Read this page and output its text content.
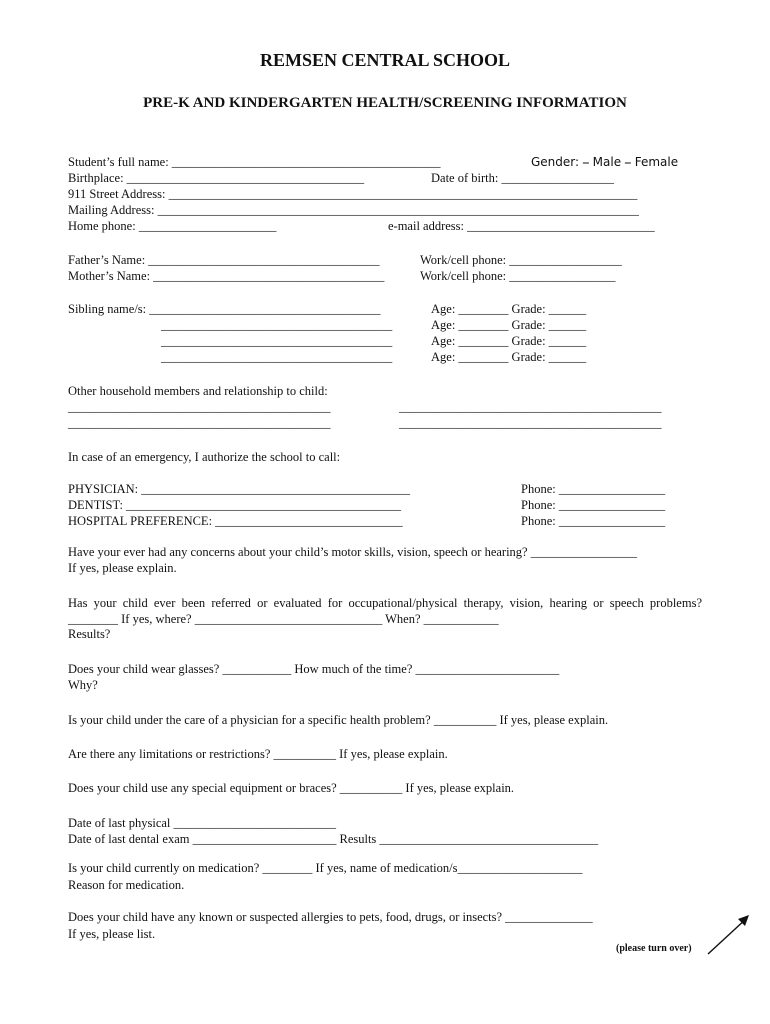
REMSEN CENTRAL SCHOOL
PRE-K AND KINDERGARTEN HEALTH/SCREENING INFORMATION
Student’s full name: ___________________________________________	Gender: ⎯ Male ⎯ Female
Birthplace: ______________________________________	Date of birth: __________________
911 Street Address: ___________________________________________________________________________
Mailing Address: _____________________________________________________________________________
Home phone: ______________________	e-mail address: ______________________________
Father’s Name: _____________________________________	Work/cell phone: __________________
Mother’s Name: _____________________________________	Work/cell phone: _________________
Sibling name/s: _____________________________________	Age: ________ Grade: ______
_____________________________________	Age: ________ Grade: ______
_____________________________________	Age: ________ Grade: ______
_____________________________________	Age: ________ Grade: ______
Other household members and relationship to child:
__________________________________________	__________________________________________
__________________________________________	__________________________________________
In case of an emergency, I authorize the school to call:
PHYSICIAN: ___________________________________________	Phone: _________________
DENTIST: ____________________________________________	Phone: _________________
HOSPITAL PREFERENCE: ______________________________	Phone: _________________
Have your ever had any concerns about your child’s motor skills, vision, speech or hearing? _________________
If yes, please explain.
Has your child ever been referred or evaluated for occupational/physical therapy, vision, hearing or speech problems? ________ If yes, where? ______________________________ When? ____________
Results?
Does your child wear glasses? ___________ How much of the time? _______________________
Why?
Is your child under the care of a physician for a specific health problem? __________ If yes, please explain.
Are there any limitations or restrictions? __________ If yes, please explain.
Does your child use any special equipment or braces? __________ If yes, please explain.
Date of last physical __________________________
Date of last dental exam _______________________ Results ___________________________________
Is your child currently on medication? ________ If yes, name of medication/s____________________
Reason for medication.
Does your child have any known or suspected allergies to pets, food, drugs, or insects? ______________
If yes, please list.
(please turn over)
